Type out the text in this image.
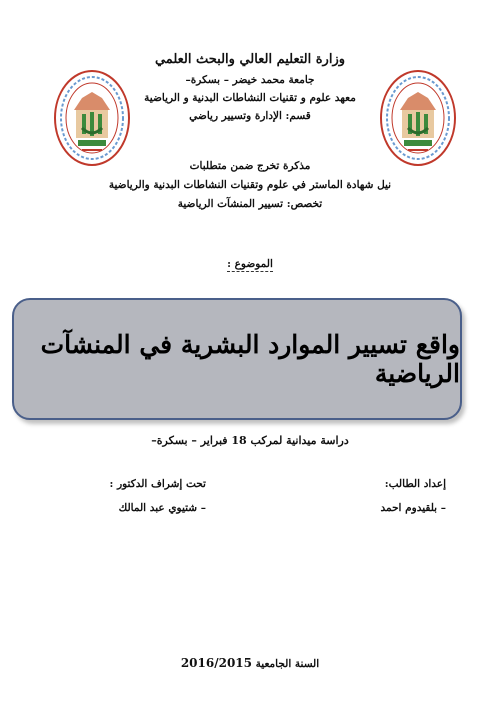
وزارة التعليم العالي والبحث العلمي
جامعة محمد خيضر – بسكرة–
معهد علوم و تقنيات النشاطات البدنية و الرياضية
قسم: الإدارة وتسيير رياضي
مذكرة تخرج ضمن متطلبات
نيل شهادة الماستر في علوم وتقنيات النشاطات البدنية والرياضية
تخصص: تسيير المنشآت الرياضية
الموضوع :
واقع تسيير الموارد البشرية في المنشآت الرياضية
دراسة ميدانية لمركب 18 فبراير – بسكرة–
إعداد الطالب:
– بلقيدوم احمد
تحت إشراف الدكتور :
– شتيوي عبد المالك
السنة الجامعية 2016/2015
